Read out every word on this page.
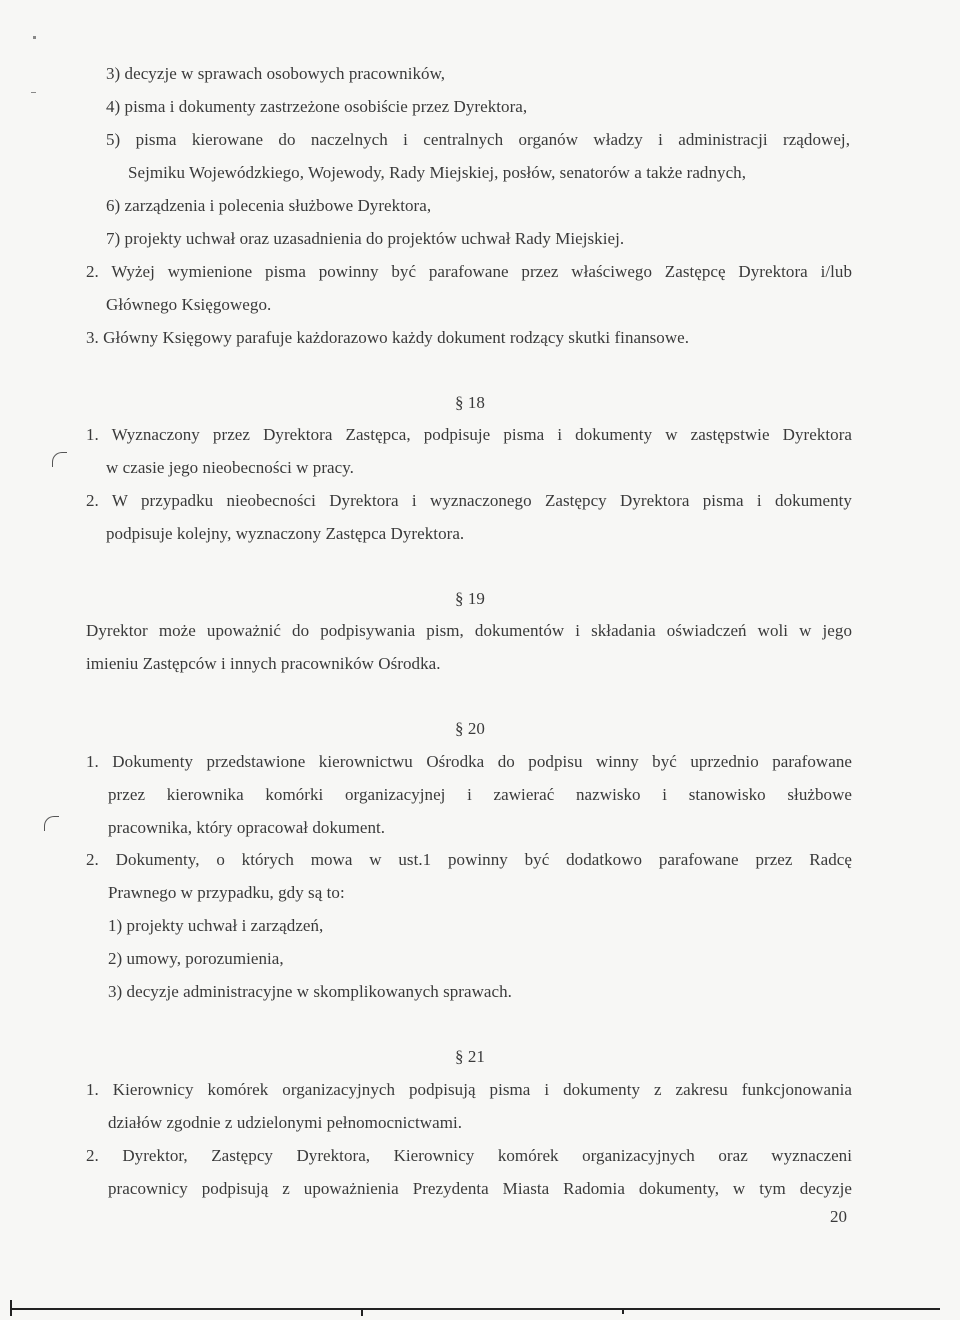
3) decyzje w sprawach osobowych pracowników,
4) pisma i dokumenty zastrzeżone osobiście przez Dyrektora,
5) pisma kierowane do naczelnych i centralnych organów władzy i administracji rządowej,
Sejmiku Wojewódzkiego, Wojewody, Rady Miejskiej, posłów, senatorów a także radnych,
6) zarządzenia i polecenia służbowe Dyrektora,
7) projekty uchwał oraz uzasadnienia do projektów uchwał Rady Miejskiej.
2. Wyżej wymienione pisma powinny być parafowane przez właściwego Zastępcę Dyrektora i/lub
Głównego Księgowego.
3. Główny Księgowy parafuje każdorazowo każdy dokument rodzący skutki finansowe.
§ 18
1. Wyznaczony przez Dyrektora Zastępca, podpisuje pisma i dokumenty w zastępstwie Dyrektora
w czasie jego nieobecności w pracy.
2. W przypadku nieobecności Dyrektora i wyznaczonego Zastępcy Dyrektora pisma i dokumenty
podpisuje kolejny, wyznaczony Zastępca Dyrektora.
§ 19
Dyrektor może upoważnić do podpisywania pism, dokumentów i składania oświadczeń woli w jego
imieniu Zastępców i innych pracowników Ośrodka.
§ 20
1. Dokumenty przedstawione kierownictwu Ośrodka do podpisu winny być uprzednio parafowane
przez kierownika komórki organizacyjnej i zawierać nazwisko i stanowisko służbowe
pracownika, który opracował dokument.
2. Dokumenty, o których mowa w ust.1 powinny być dodatkowo parafowane przez Radcę
Prawnego w przypadku, gdy są to:
1) projekty uchwał i zarządzeń,
2) umowy, porozumienia,
3) decyzje administracyjne w skomplikowanych sprawach.
§ 21
1. Kierownicy komórek organizacyjnych podpisują pisma i dokumenty z zakresu funkcjonowania
działów zgodnie z udzielonymi pełnomocnictwami.
2. Dyrektor, Zastępcy Dyrektora, Kierownicy komórek organizacyjnych oraz wyznaczeni
pracownicy podpisują z upoważnienia Prezydenta Miasta Radomia dokumenty, w tym decyzje
20
